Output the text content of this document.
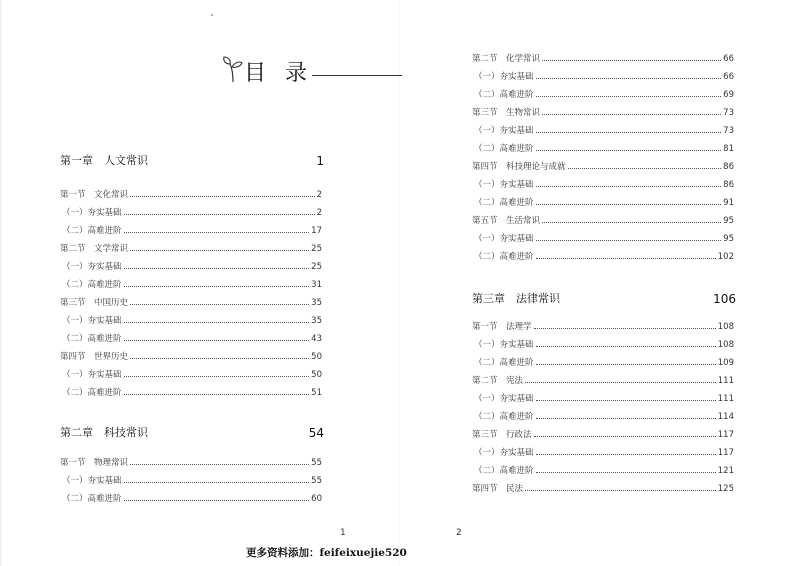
目 录
第一章　人文常识	1
第一节　文化常识	2
（一）夯实基础	2
（二）高难进阶	17
第二节　文学常识	25
（一）夯实基础	25
（二）高难进阶	31
第三节　中国历史	35
（一）夯实基础	35
（二）高难进阶	43
第四节　世界历史	50
（一）夯实基础	50
（二）高难进阶	51
第二章　科技常识	54
第一节　物理常识	55
（一）夯实基础	55
（二）高难进阶	60
1
第二节　化学常识	66
（一）夯实基础	66
（二）高难进阶	69
第三节　生物常识	73
（一）夯实基础	73
（二）高难进阶	81
第四节　科技理论与成就	86
（一）夯实基础	86
（二）高难进阶	91
第五节　生活常识	95
（一）夯实基础	95
（二）高难进阶	102
第三章　法律常识	106
第一节　法理学	108
（一）夯实基础	108
（二）高难进阶	109
第二节　宪法	111
（一）夯实基础	111
（二）高难进阶	114
第三节　行政法	117
（一）夯实基础	117
（二）高难进阶	121
第四节　民法	125
2
更多资料添加：feifeixuejie520
